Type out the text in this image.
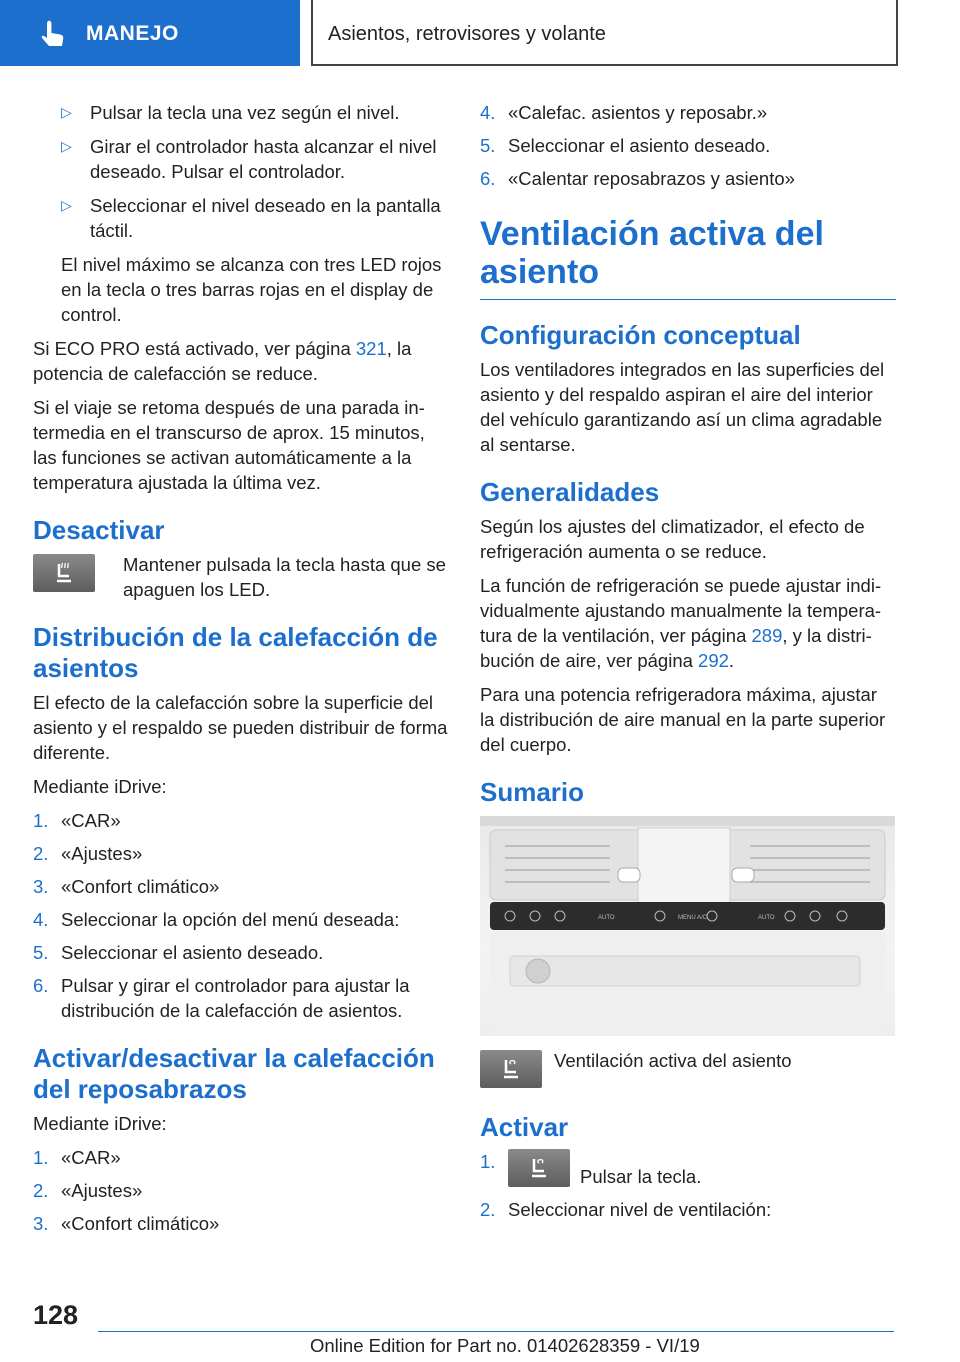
MANEJO	Asientos, retrovisores y volante
▷ Pulsar la tecla una vez según el nivel.
▷ Girar el controlador hasta alcanzar el nivel deseado. Pulsar el controlador.
▷ Seleccionar el nivel deseado en la pantalla táctil.

El nivel máximo se alcanza con tres LED rojos en la tecla o tres barras rojas en el display de control.

Si ECO PRO está activado, ver página 321, la potencia de calefacción se reduce.

Si el viaje se retoma después de una parada intermedia en el transcurso de aprox. 15 minutos, las funciones se activan automáticamente a la temperatura ajustada la última vez.

Desactivar
Mantener pulsada la tecla hasta que se apaguen los LED.
Distribución de la calefacción de asientos

El efecto de la calefacción sobre la superficie del asiento y el respaldo se pueden distribuir de forma diferente.

Mediante iDrive:

1. «CAR»
2. «Ajustes»
3. «Confort climático»
4. Seleccionar la opción del menú deseada:
5. Seleccionar el asiento deseado.
6. Pulsar y girar el controlador para ajustar la distribución de la calefacción de asientos.
Activar/desactivar la calefacción del reposabrazos

Mediante iDrive:

1. «CAR»
2. «Ajustes»
3. «Confort climático»
4. «Calefac. asientos y reposabr.»
5. Seleccionar el asiento deseado.
6. «Calentar reposabrazos y asiento»
Ventilación activa del asiento
Configuración conceptual

Los ventiladores integrados en las superficies del asiento y del respaldo aspiran el aire del interior del vehículo garantizando así un clima agradable al sentarse.

Generalidades

Según los ajustes del climatizador, el efecto de refrigeración aumenta o se reduce.

La función de refrigeración se puede ajustar individualmente ajustando manualmente la temperatura de la ventilación, ver página 289, y la distribución de aire, ver página 292.

Para una potencia refrigeradora máxima, ajustar la distribución de aire manual en la parte superior del cuerpo.

Sumario
AUTO	MENU A/C	AUTO
Ventilación activa del asiento
Activar
1.
Pulsar la tecla.
2. Seleccionar nivel de ventilación:
128
Online Edition for Part no. 01402628359 - VI/19
